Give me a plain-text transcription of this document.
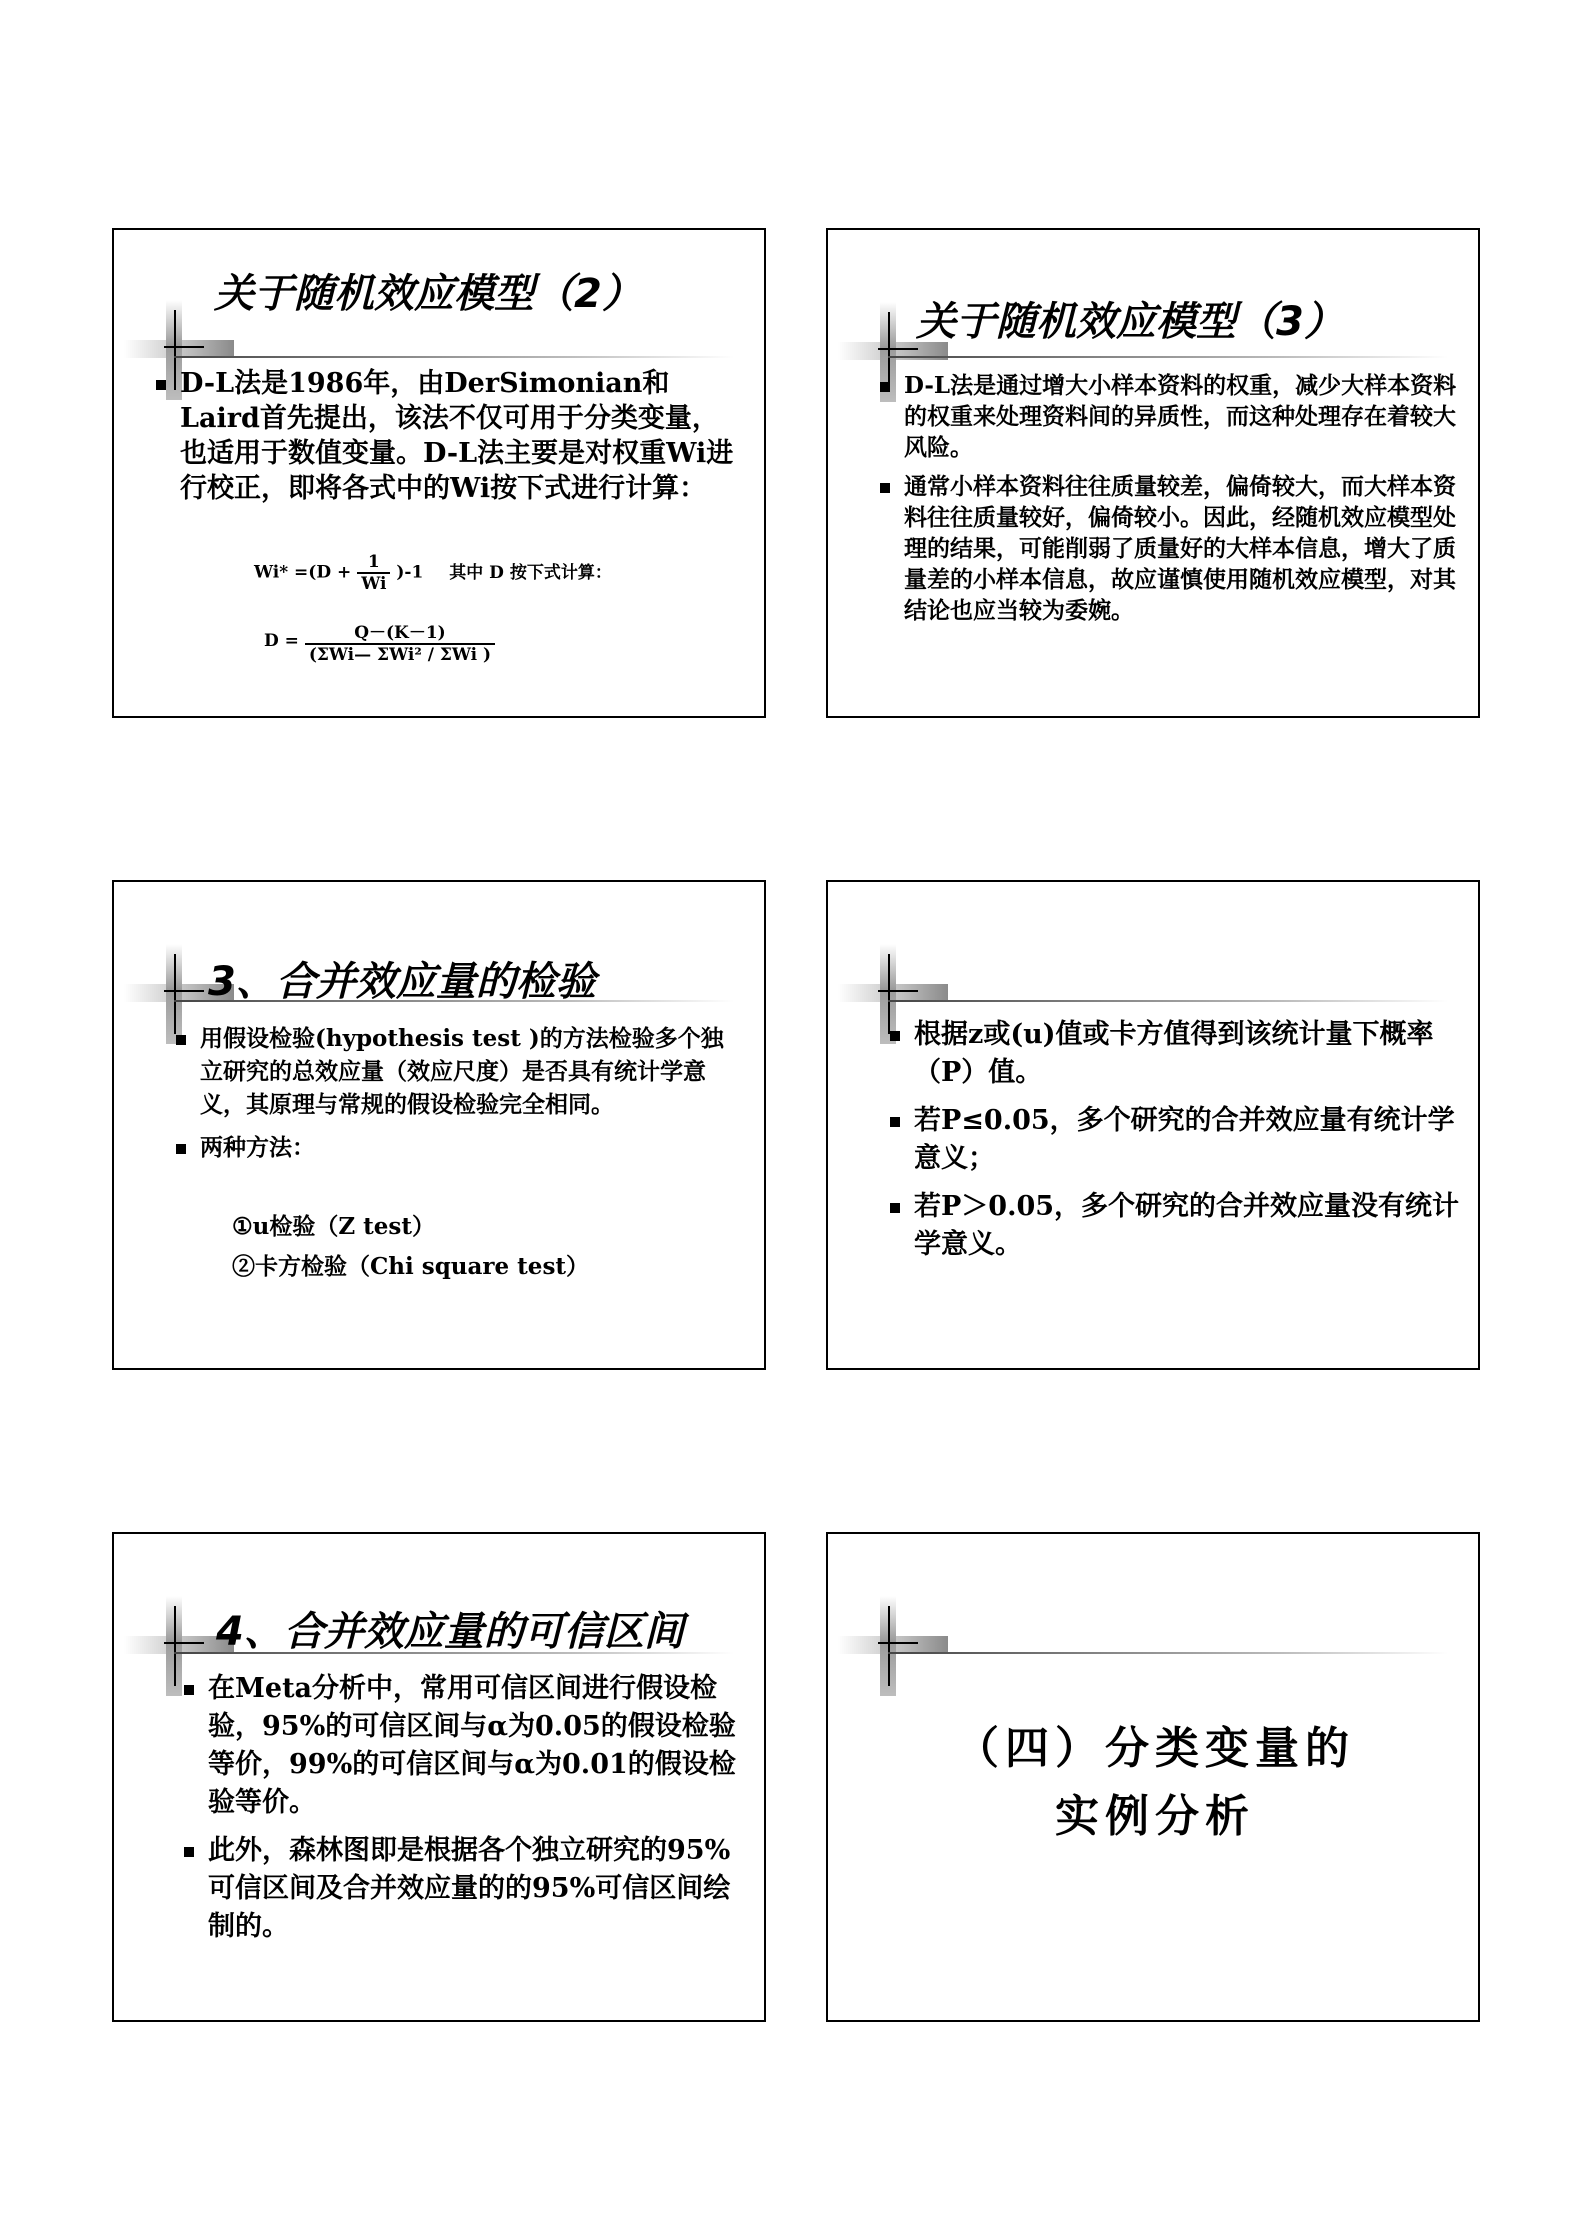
关于随机效应模型（2）
D-L法是1986年，由DerSimonian和Laird首先提出，该法不仅可用于分类变量，也适用于数值变量。D-L法主要是对权重Wi进行校正，即将各式中的Wi按下式进行计算：
$Wi* =(D + \frac{1}{Wi} )-1$ 其中 D 按下式计算：
$D = \frac{Q-(K-1)}{\text{(ΣWi— ΣWi² / ΣWi )}}$
关于随机效应模型（3）
D-L法是通过增大小样本资料的权重，减少大样本资料的权重来处理资料间的异质性，而这种处理存在着较大风险。
通常小样本资料往往质量较差，偏倚较大，而大样本资料往往质量较好，偏倚较小。因此，经随机效应模型处理的结果，可能削弱了质量好的大样本信息，增大了质量差的小样本信息，故应谨慎使用随机效应模型，对其结论也应当较为委婉。
3、合并效应量的检验
用假设检验(hypothesis test )的方法检验多个独立研究的总效应量（效应尺度）是否具有统计学意义，其原理与常规的假设检验完全相同。
两种方法：
①u检验（Z test）
②卡方检验（Chi square test）
根据z或(u)值或卡方值得到该统计量下概率（P）值。
若P≤0.05，多个研究的合并效应量有统计学意义；
若P＞0.05，多个研究的合并效应量没有统计学意义。
4、合并效应量的可信区间
在Meta分析中，常用可信区间进行假设检验，95%的可信区间与α为0.05的假设检验等价，99%的可信区间与α为0.01的假设检验等价。
此外，森林图即是根据各个独立研究的95%可信区间及合并效应量的的95%可信区间绘制的。
（四）分类变量的
实例分析
